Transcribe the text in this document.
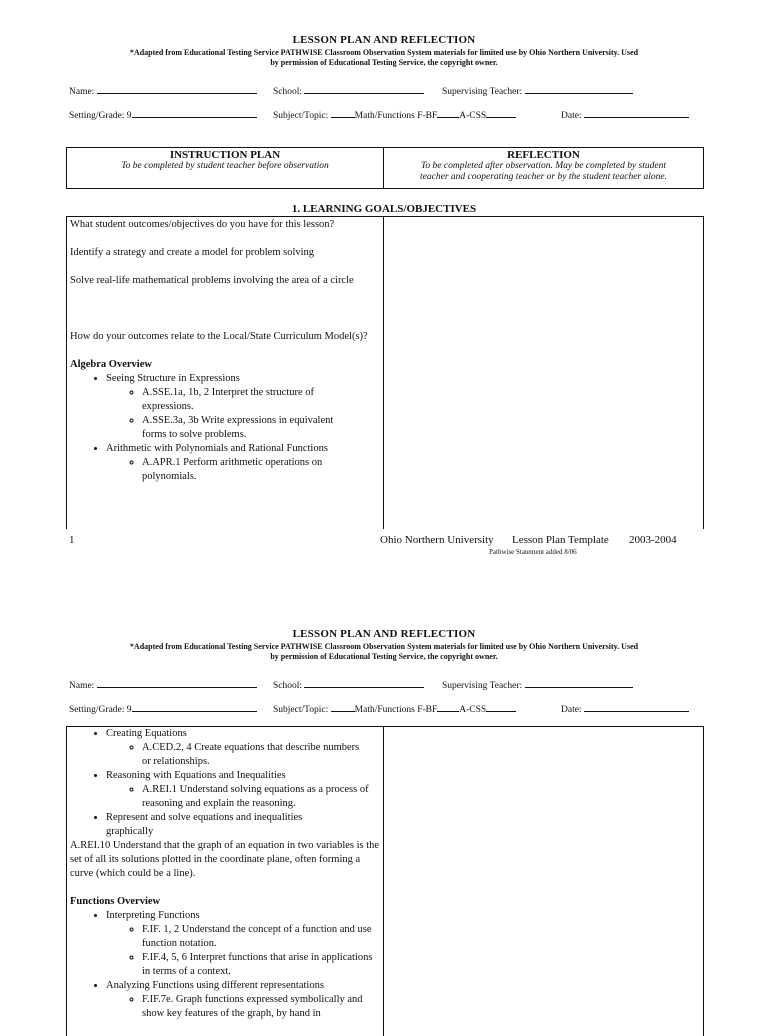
LESSON PLAN AND REFLECTION
*Adapted from Educational Testing Service PATHWISE Classroom Observation System materials for limited use by Ohio Northern University. Used
by permission of Educational Testing Service, the copyright owner.
Name:	School:	Supervising Teacher:
Setting/Grade: 9	Subject/Topic:	Math/Functions F-BF A-CSS	Date:
INSTRUCTION PLAN
To be completed by student teacher before observation
REFLECTION
To be completed after observation. May be completed by student
teacher and cooperating teacher or by the student teacher alone.
1. LEARNING GOALS/OBJECTIVES

What student outcomes/objectives do you have for this lesson?

Identify a strategy and create a model for problem solving

Solve real-life mathematical problems involving the area of a circle

How do your outcomes relate to the Local/State Curriculum Model(s)?

Algebra Overview

• Seeing Structure in Expressions
◦ A.SSE.1a, 1b, 2 Interpret the structure of expressions.
◦ A.SSE.3a, 3b Write expressions in equivalent forms to solve problems.
• Arithmetic with Polynomials and Rational Functions
◦ A.APR.1 Perform arithmetic operations on polynomials.
1	Ohio Northern University Lesson Plan Template 2003-2004
Pathwise Statement added 8/06
LESSON PLAN AND REFLECTION
*Adapted from Educational Testing Service PATHWISE Classroom Observation System materials for limited use by Ohio Northern University. Used
by permission of Educational Testing Service, the copyright owner.
Name:	School:	Supervising Teacher:
Setting/Grade: 9	Subject/Topic:	Math/Functions F-BF A-CSS	Date:
• Creating Equations
◦ A.CED.2, 4 Create equations that describe numbers or relationships.
• Reasoning with Equations and Inequalities
◦ A.REI.1 Understand solving equations as a process of reasoning and explain the reasoning.
• Represent and solve equations and inequalities graphically

A.REI.10 Understand that the graph of an equation in two variables is the set of all its solutions plotted in the coordinate plane, often forming a curve (which could be a line).

Functions Overview

• Interpreting Functions
◦ F.IF. 1, 2 Understand the concept of a function and use function notation.
◦ F.IF.4, 5, 6 Interpret functions that arise in applications in terms of a context.
• Analyzing Functions using different representations
◦ F.IF.7e. Graph functions expressed symbolically and show key features of the graph, by hand in
